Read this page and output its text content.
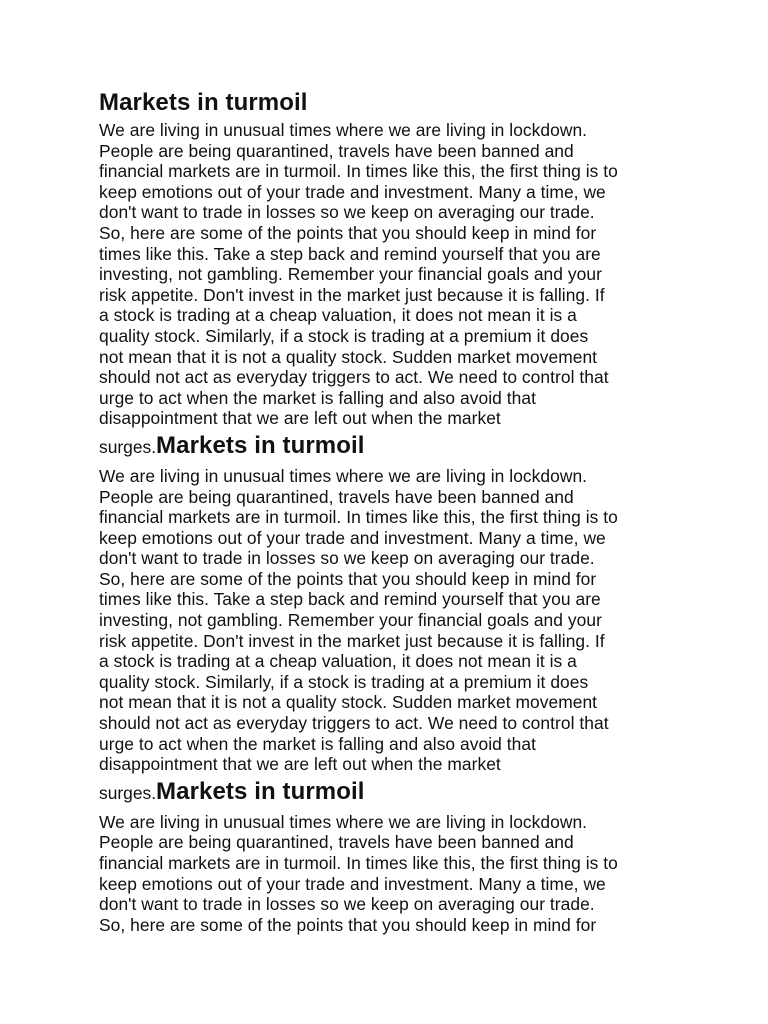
Markets in turmoil
We are living in unusual times where we are living in lockdown.
People are being quarantined, travels have been banned and
financial markets are in turmoil. In times like this, the first thing is to
keep emotions out of your trade and investment. Many a time, we
don't want to trade in losses so we keep on averaging our trade.
So, here are some of the points that you should keep in mind for
times like this. Take a step back and remind yourself that you are
investing, not gambling. Remember your financial goals and your
risk appetite. Don't invest in the market just because it is falling. If
a stock is trading at a cheap valuation, it does not mean it is a
quality stock. Similarly, if a stock is trading at a premium it does
not mean that it is not a quality stock. Sudden market movement
should not act as everyday triggers to act. We need to control that
urge to act when the market is falling and also avoid that
disappointment that we are left out when the market
surges.Markets in turmoil
We are living in unusual times where we are living in lockdown.
People are being quarantined, travels have been banned and
financial markets are in turmoil. In times like this, the first thing is to
keep emotions out of your trade and investment. Many a time, we
don't want to trade in losses so we keep on averaging our trade.
So, here are some of the points that you should keep in mind for
times like this. Take a step back and remind yourself that you are
investing, not gambling. Remember your financial goals and your
risk appetite. Don't invest in the market just because it is falling. If
a stock is trading at a cheap valuation, it does not mean it is a
quality stock. Similarly, if a stock is trading at a premium it does
not mean that it is not a quality stock. Sudden market movement
should not act as everyday triggers to act. We need to control that
urge to act when the market is falling and also avoid that
disappointment that we are left out when the market
surges.Markets in turmoil
We are living in unusual times where we are living in lockdown.
People are being quarantined, travels have been banned and
financial markets are in turmoil. In times like this, the first thing is to
keep emotions out of your trade and investment. Many a time, we
don't want to trade in losses so we keep on averaging our trade.
So, here are some of the points that you should keep in mind for
